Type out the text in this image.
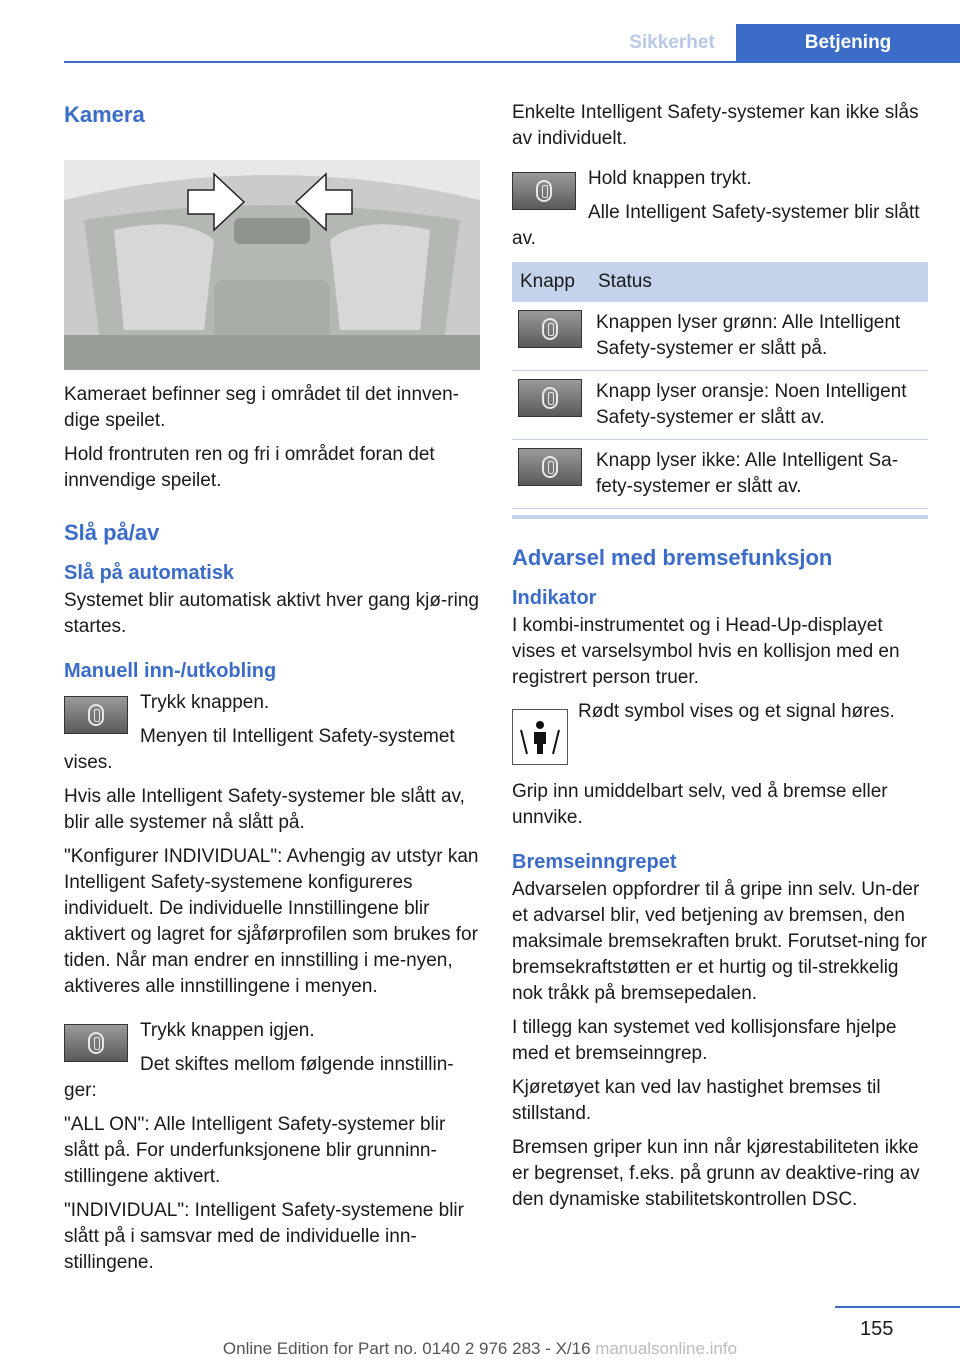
Sikkerhet	Betjening
Kamera

Kameraet befinner seg i området til det innven-dige speilet.

Hold frontruten ren og fri i området foran det innvendige speilet.

Slå på/av
Slå på automatisk

Systemet blir automatisk aktivt hver gang kjø-ring startes.

Manuell inn-/utkobling

Trykk knappen.

Menyen til Intelligent Safety-systemet vises.

Hvis alle Intelligent Safety-systemer ble slått av, blir alle systemer nå slått på.

"Konfigurer INDIVIDUAL": Avhengig av utstyr kan Intelligent Safety-systemene konfigureres individuelt. De individuelle Innstillingene blir aktivert og lagret for sjåførprofilen som brukes for tiden. Når man endrer en innstilling i me-nyen, aktiveres alle innstillingene i menyen.

Trykk knappen igjen.

Det skiftes mellom følgende innstillin-ger:

"ALL ON": Alle Intelligent Safety-systemer blir slått på. For underfunksjonene blir grunninn-stillingene aktivert.

"INDIVIDUAL": Intelligent Safety-systemene blir slått på i samsvar med de individuelle inn-stillingene.

Enkelte Intelligent Safety-systemer kan ikke slås av individuelt.

Hold knappen trykt.

Alle Intelligent Safety-systemer blir slått av.

Knapp	Status

	Knappen lyser grønn: Alle Intelligent Safety-systemer er slått på.

	Knapp lyser oransje: Noen Intelligent Safety-systemer er slått av.

	Knapp lyser ikke: Alle Intelligent Sa-fety-systemer er slått av.
Advarsel med bremsefunksjon
Indikator

I kombi-instrumentet og i Head-Up-displayet vises et varselsymbol hvis en kollisjon med en registrert person truer.

Rødt symbol vises og et signal høres.

Grip inn umiddelbart selv, ved å bremse eller unnvike.

Bremseinngrepet

Advarselen oppfordrer til å gripe inn selv. Un-der et advarsel blir, ved betjening av bremsen, den maksimale bremsekraften brukt. Forutset-ning for bremsekraftstøtten er et hurtig og til-strekkelig nok tråkk på bremsepedalen.

I tillegg kan systemet ved kollisjonsfare hjelpe med et bremseinngrep.

Kjøretøyet kan ved lav hastighet bremses til stillstand.

Bremsen griper kun inn når kjørestabiliteten ikke er begrenset, f.eks. på grunn av deaktive-ring av den dynamiske stabilitetskontrollen DSC.

155
Online Edition for Part no. 0140 2 976 283 - X/16 manualsonline.info
